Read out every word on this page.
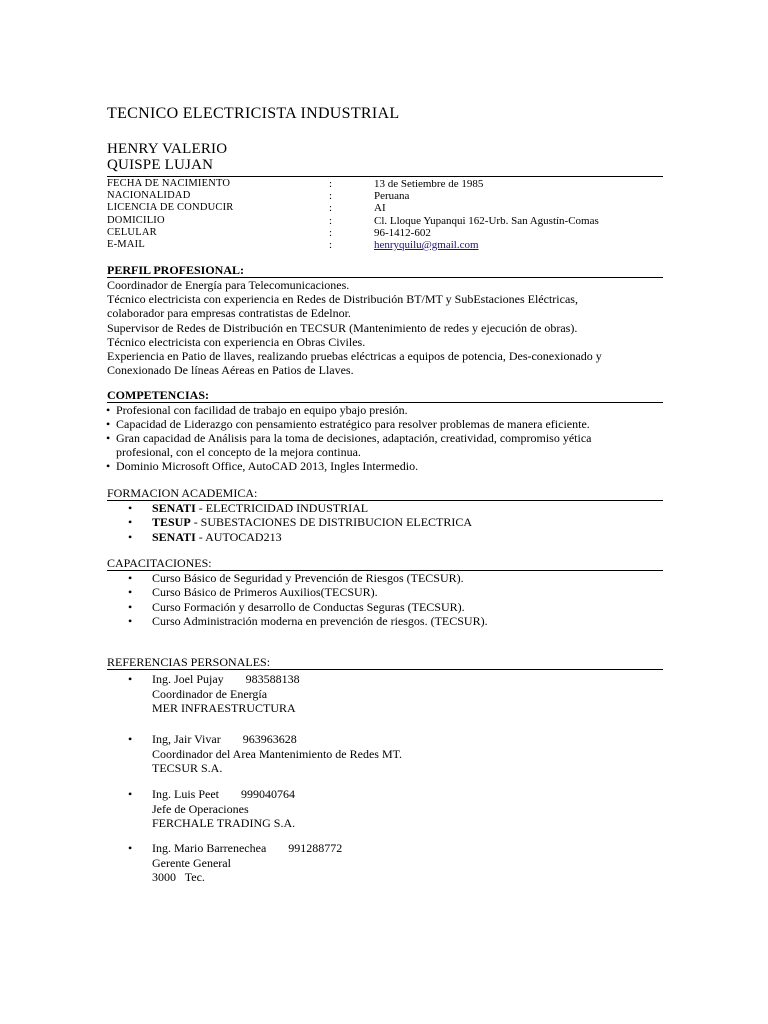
TECNICO ELECTRICISTA INDUSTRIAL
HENRY VALERIO
QUISPE LUJAN
FECHA DE NACIMIENTO	:	13 de Setiembre de 1985
NACIONALIDAD	:	Peruana
LICENCIA DE CONDUCIR	:	AI
DOMICILIO	:	Cl. Lloque Yupanqui 162-Urb. San Agustín-Comas
CELULAR	:	96-1412-602
E-MAIL	:	henryquilu@gmail.com
PERFIL PROFESIONAL:
Coordinador de Energía para Telecomunicaciones.
Técnico electricista con experiencia en Redes de Distribución BT/MT y SubEstaciones Eléctricas,
colaborador para empresas contratistas de Edelnor.
Supervisor de Redes de Distribución en TECSUR (Mantenimiento de redes y ejecución de obras).
Técnico electricista con experiencia en Obras Civiles.
Experiencia en Patio de llaves, realizando pruebas eléctricas a equipos de potencia, Des-conexionado y
Conexionado De líneas Aéreas en Patios de Llaves.
COMPETENCIAS:
• Profesional con facilidad de trabajo en equipo ybajo presión.
• Capacidad de Liderazgo con pensamiento estratégico para resolver problemas de manera eficiente.
• Gran capacidad de Análisis para la toma de decisiones, adaptación, creatividad, compromiso yética
profesional, con el concepto de la mejora continua.
• Dominio Microsoft Office, AutoCAD 2013, Ingles Intermedio.
FORMACION ACADEMICA:
• SENATI - ELECTRICIDAD INDUSTRIAL
• TESUP - SUBESTACIONES DE DISTRIBUCION ELECTRICA
• SENATI - AUTOCAD213
CAPACITACIONES:
• Curso Básico de Seguridad y Prevención de Riesgos (TECSUR).
• Curso Básico de Primeros Auxilios(TECSUR).
• Curso Formación y desarrollo de Conductas Seguras (TECSUR).
• Curso Administración moderna en prevención de riesgos. (TECSUR).
REFERENCIAS PERSONALES:
• Ing. Joel Pujay 983588138
Coordinador de Energía
MER INFRAESTRUCTURA
• Ing, Jair Vivar 963963628
Coordinador del Area Mantenimiento de Redes MT.
TECSUR S.A.
• Ing. Luis Peet 999040764
Jefe de Operaciones
FERCHALE TRADING S.A.
• Ing. Mario Barrenechea 991288772
Gerente General
3000   Tec.
